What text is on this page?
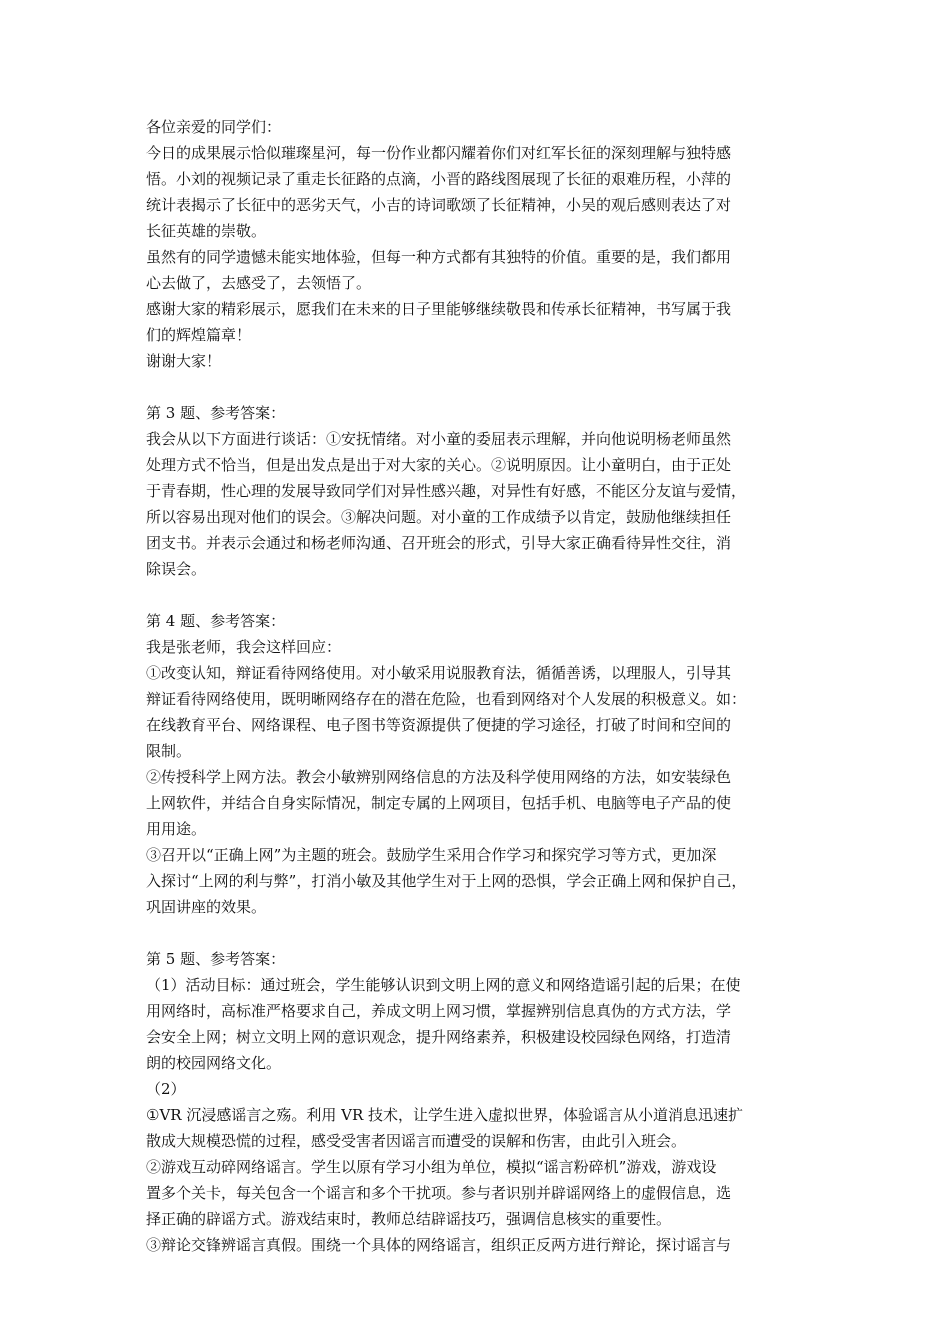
各位亲爱的同学们：
今日的成果展示恰似璀璨星河，每一份作业都闪耀着你们对红军长征的深刻理解与独特感
悟。小刘的视频记录了重走长征路的点滴，小晋的路线图展现了长征的艰难历程，小萍的
统计表揭示了长征中的恶劣天气，小吉的诗词歌颂了长征精神，小吴的观后感则表达了对
长征英雄的崇敬。
虽然有的同学遗憾未能实地体验，但每一种方式都有其独特的价值。重要的是，我们都用
心去做了，去感受了，去领悟了。
感谢大家的精彩展示，愿我们在未来的日子里能够继续敬畏和传承长征精神，书写属于我
们的辉煌篇章！
谢谢大家！
第 3 题、参考答案：
我会从以下方面进行谈话：①安抚情绪。对小童的委屈表示理解，并向他说明杨老师虽然
处理方式不恰当，但是出发点是出于对大家的关心。②说明原因。让小童明白，由于正处
于青春期，性心理的发展导致同学们对异性感兴趣，对异性有好感，不能区分友谊与爱情，
所以容易出现对他们的误会。③解决问题。对小童的工作成绩予以肯定，鼓励他继续担任
团支书。并表示会通过和杨老师沟通、召开班会的形式，引导大家正确看待异性交往，消
除误会。
第 4 题、参考答案：
我是张老师，我会这样回应：
①改变认知，辩证看待网络使用。对小敏采用说服教育法，循循善诱，以理服人，引导其
辩证看待网络使用，既明晰网络存在的潜在危险，也看到网络对个人发展的积极意义。如：
在线教育平台、网络课程、电子图书等资源提供了便捷的学习途径，打破了时间和空间的
限制。
②传授科学上网方法。教会小敏辨别网络信息的方法及科学使用网络的方法，如安装绿色
上网软件，并结合自身实际情况，制定专属的上网项目，包括手机、电脑等电子产品的使
用用途。
③召开以“正确上网”为主题的班会。鼓励学生采用合作学习和探究学习等方式，更加深
入探讨“上网的利与弊”，打消小敏及其他学生对于上网的恐惧，学会正确上网和保护自己，
巩固讲座的效果。
第 5 题、参考答案：
（1）活动目标：通过班会，学生能够认识到文明上网的意义和网络造谣引起的后果；在使
用网络时，高标准严格要求自己，养成文明上网习惯，掌握辨别信息真伪的方式方法，学
会安全上网；树立文明上网的意识观念，提升网络素养，积极建设校园绿色网络，打造清
朗的校园网络文化。
（2）
①VR 沉浸感谣言之殇。利用 VR 技术，让学生进入虚拟世界，体验谣言从小道消息迅速扩
散成大规模恐慌的过程，感受受害者因谣言而遭受的误解和伤害，由此引入班会。
②游戏互动碎网络谣言。学生以原有学习小组为单位，模拟“谣言粉碎机”游戏，游戏设
置多个关卡，每关包含一个谣言和多个干扰项。参与者识别并辟谣网络上的虚假信息，选
择正确的辟谣方式。游戏结束时，教师总结辟谣技巧，强调信息核实的重要性。
③辩论交锋辨谣言真假。围绕一个具体的网络谣言，组织正反两方进行辩论，探讨谣言与
